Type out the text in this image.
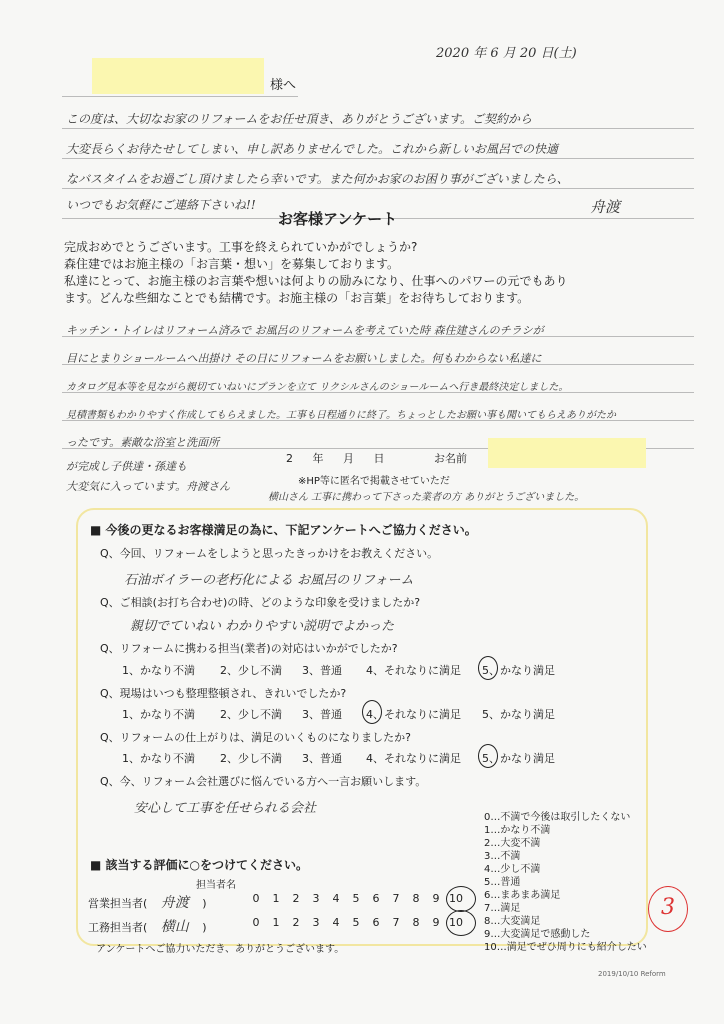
2020 年 6 月 20 日(土)
様へ
この度は、大切なお家のリフォームをお任せ頂き、ありがとうございます。ご契約から
大変長らくお待たせしてしまい、申し訳ありませんでした。これから新しいお風呂での快適
なバスタイムをお過ごし頂けましたら幸いです。また何かお家のお困り事がございましたら、
いつでもお気軽にご連絡下さいね!!	舟渡
お客様アンケート
完成おめでとうございます。工事を終えられていかがでしょうか?
森住建ではお施主様の「お言葉・想い」を募集しております。
私達にとって、お施主様のお言葉や想いは何よりの励みになり、仕事へのパワーの元でもあり
ます。どんな些細なことでも結構です。お施主様の「お言葉」をお待ちしております。
キッチン・トイレはリフォーム済みで お風呂のリフォームを考えていた時 森住建さんのチラシが
目にとまりショールームへ出掛け その日にリフォームをお願いしました。何もわからない私達に
カタログ見本等を見ながら親切ていねいにプランを立て リクシルさんのショールームへ行き最終決定しました。
見積書類もわかりやすく作成してもらえました。工事も日程通りに終了。ちょっとしたお願い事も聞いてもらえありがたか
ったです。素敵な浴室と洗面所
が完成し子供達・孫達も
大変気に入っています。舟渡さん
2 年 月 日	お名前
※HP等に匿名で掲載させていただ
横山さん 工事に携わって下さった業者の方 ありがとうございました。
■ 今後の更なるお客様満足の為に、下記アンケートへご協力ください。
Q、今回、リフォームをしようと思ったきっかけをお教えください。
石油ボイラーの老朽化による お風呂のリフォーム
Q、ご相談(お打ち合わせ)の時、どのような印象を受けましたか?
親切でていねい わかりやすい説明でよかった
Q、リフォームに携わる担当(業者)の対応はいかがでしたか?
1、かなり不満 2、少し不満 3、普通 4、それなりに満足 5、かなり満足
Q、現場はいつも整理整頓され、きれいでしたか?
1、かなり不満 2、少し不満 3、普通 4、それなりに満足 5、かなり満足
Q、リフォームの仕上がりは、満足のいくものになりましたか?
1、かなり不満 2、少し不満 3、普通 4、それなりに満足 5、かなり満足
Q、今、リフォーム会社選びに悩んでいる方へ一言お願いします。
安心して工事を任せられる会社
0…不満で今後は取引したくない
1…かなり不満
2…大変不満
3…不満
4…少し不満
5…普通
6…まあまあ満足
7…満足
8…大変満足
9…大変満足で感動した
10…満足でぜひ周りにも紹介したい
■ 該当する評価に○をつけてください。
担当者名
営業担当者( 舟渡 )	0 1 2 3 4 5 6 7 8 9 10
工務担当者( 横山 )	0 1 2 3 4 5 6 7 8 9 10
アンケートへご協力いただき、ありがとうございます。
3
2019/10/10 Reform
